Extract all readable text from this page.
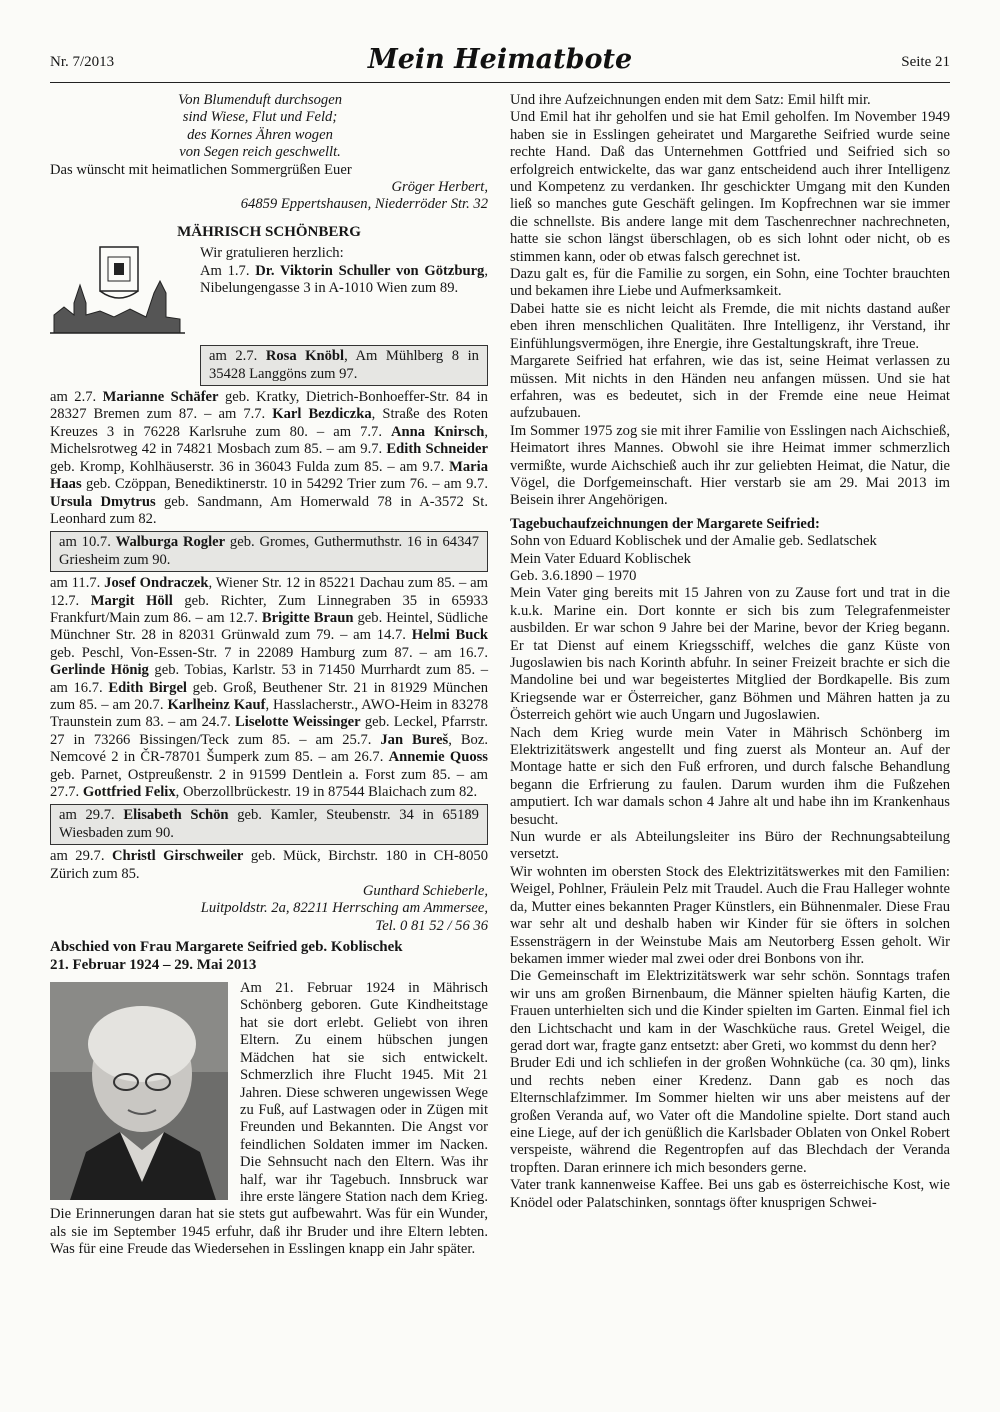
Nr. 7/2013	Mein Heimatbote	Seite 21
Von Blumenduft durchsogen
sind Wiese, Flut und Feld;
des Kornes Ähren wogen
von Segen reich geschwellt.

Das wünscht mit heimatlichen Sommergrüßen Euer

Gröger Herbert,

64859 Eppertshausen, Niederröder Str. 32

MÄHRISCH SCHÖNBERG
Wir gratulieren herzlich:
Am 1.7. Dr. Viktorin Schuller von Götzburg, Nibelungengasse 3 in A-1010 Wien zum 89.
am 2.7. Rosa Knöbl, Am Mühlberg 8 in 35428 Langgöns zum 97.

am 2.7. Marianne Schäfer geb. Kratky, Dietrich-Bonhoeffer-Str. 84 in 28327 Bremen zum 87. – am 7.7. Karl Bezdiczka, Straße des Roten Kreuzes 3 in 76228 Karlsruhe zum 80. – am 7.7. Anna Knirsch, Michelsrotweg 42 in 74821 Mosbach zum 85. – am 9.7. Edith Schneider geb. Kromp, Kohlhäuserstr. 36 in 36043 Fulda zum 85. – am 9.7. Maria Haas geb. Czöppan, Benediktinerstr. 10 in 54292 Trier zum 76. – am 9.7. Ursula Dmytrus geb. Sandmann, Am Homerwald 78 in A-3572 St. Leonhard zum 82.

am 10.7. Walburga Rogler geb. Gromes, Guthermuthstr. 16 in 64347 Griesheim zum 90.

am 11.7. Josef Ondraczek, Wiener Str. 12 in 85221 Dachau zum 85. – am 12.7. Margit Höll geb. Richter, Zum Linnegraben 35 in 65933 Frankfurt/Main zum 86. – am 12.7. Brigitte Braun geb. Heintel, Südliche Münchner Str. 28 in 82031 Grünwald zum 79. – am 14.7. Helmi Buck geb. Peschl, Von-Essen-Str. 7 in 22089 Hamburg zum 87. – am 16.7. Gerlinde Hönig geb. Tobias, Karlstr. 53 in 71450 Murrhardt zum 85. – am 16.7. Edith Birgel geb. Groß, Beuthener Str. 21 in 81929 München zum 85. – am 20.7. Karlheinz Kauf, Hasslacherstr., AWO-Heim in 83278 Traunstein zum 83. – am 24.7. Liselotte Weissinger geb. Leckel, Pfarrstr. 27 in 73266 Bissingen/Teck zum 85. – am 25.7. Jan Bureš, Boz. Nemcové 2 in ČR-78701 Šumperk zum 85. – am 26.7. Annemie Quoss geb. Parnet, Ostpreußenstr. 2 in 91599 Dentlein a. Forst zum 85. – am 27.7. Gottfried Felix, Oberzollbrückestr. 19 in 87544 Blaichach zum 82.

am 29.7. Elisabeth Schön geb. Kamler, Steubenstr. 34 in 65189 Wiesbaden zum 90.

am 29.7. Christl Girschweiler geb. Mück, Birchstr. 180 in CH-8050 Zürich zum 85.

Gunthard Schieberle,

Luitpoldstr. 2a, 82211 Herrsching am Ammersee,

Tel. 0 81 52 / 56 36

Abschied von Frau Margarete Seifried geb. Koblischek
21. Februar 1924 – 29. Mai 2013

Am 21. Februar 1924 in Mährisch Schönberg geboren. Gute Kindheitstage hat sie dort erlebt. Geliebt von ihren Eltern. Zu einem hübschen jungen Mädchen hat sie sich entwickelt. Schmerzlich ihre Flucht 1945. Mit 21 Jahren. Diese schweren ungewissen Wege zu Fuß, auf Lastwagen oder in Zügen mit Freunden und Bekannten. Die Angst vor feindlichen Soldaten immer im Nacken. Die Sehnsucht nach den Eltern. Was ihr half, war ihr Tagebuch. Innsbruck war ihre erste längere Station nach dem Krieg. Die Erinnerungen daran hat sie stets gut aufbewahrt. Was für ein Wunder, als sie im September 1945 erfuhr, daß ihr Bruder und ihre Eltern lebten. Was für eine Freude das Wiedersehen in Esslingen knapp ein Jahr später.

Und ihre Aufzeichnungen enden mit dem Satz: Emil hilft mir.

Und Emil hat ihr geholfen und sie hat Emil geholfen. Im November 1949 haben sie in Esslingen geheiratet und Margarethe Seifried wurde seine rechte Hand. Daß das Unternehmen Gottfried und Seifried sich so erfolgreich entwickelte, das war ganz entscheidend auch ihrer Intelligenz und Kompetenz zu verdanken. Ihr geschickter Umgang mit den Kunden ließ so manches gute Geschäft gelingen. Im Kopfrechnen war sie immer die schnellste. Bis andere lange mit dem Taschenrechner nachrechneten, hatte sie schon längst überschlagen, ob es sich lohnt oder nicht, ob es stimmen kann, oder ob etwas falsch gerechnet ist.

Dazu galt es, für die Familie zu sorgen, ein Sohn, eine Tochter brauchten und bekamen ihre Liebe und Aufmerksamkeit.

Dabei hatte sie es nicht leicht als Fremde, die mit nichts dastand außer eben ihren menschlichen Qualitäten. Ihre Intelligenz, ihr Verstand, ihr Einfühlungsvermögen, ihre Energie, ihre Gestaltungskraft, ihre Treue.

Margarete Seifried hat erfahren, wie das ist, seine Heimat verlassen zu müssen. Mit nichts in den Händen neu anfangen müssen. Und sie hat erfahren, was es bedeutet, sich in der Fremde eine neue Heimat aufzubauen.

Im Sommer 1975 zog sie mit ihrer Familie von Esslingen nach Aichschieß, Heimatort ihres Mannes. Obwohl sie ihre Heimat immer schmerzlich vermißte, wurde Aichschieß auch ihr zur geliebten Heimat, die Natur, die Vögel, die Dorfgemeinschaft. Hier verstarb sie am 29. Mai 2013 im Beisein ihrer Angehörigen.

Tagebuchaufzeichnungen der Margarete Seifried:

Sohn von Eduard Koblischek und der Amalie geb. Sedlatschek

Mein Vater Eduard Koblischek

Geb. 3.6.1890 – 1970

Mein Vater ging bereits mit 15 Jahren von zu Zause fort und trat in die k.u.k. Marine ein. Dort konnte er sich bis zum Telegrafenmeister ausbilden. Er war schon 9 Jahre bei der Marine, bevor der Krieg begann. Er tat Dienst auf einem Kriegsschiff, welches die ganz Küste von Jugoslawien bis nach Korinth abfuhr. In seiner Freizeit brachte er sich die Mandoline bei und war begeistertes Mitglied der Bordkapelle. Bis zum Kriegsende war er Österreicher, ganz Böhmen und Mähren hatten ja zu Österreich gehört wie auch Ungarn und Jugoslawien.

Nach dem Krieg wurde mein Vater in Mährisch Schönberg im Elektrizitätswerk angestellt und fing zuerst als Monteur an. Auf der Montage hatte er sich den Fuß erfroren, und durch falsche Behandlung begann die Erfrierung zu faulen. Darum wurden ihm die Fußzehen amputiert. Ich war damals schon 4 Jahre alt und habe ihn im Krankenhaus besucht.

Nun wurde er als Abteilungsleiter ins Büro der Rechnungsabteilung versetzt.

Wir wohnten im obersten Stock des Elektrizitätswerkes mit den Familien: Weigel, Pohlner, Fräulein Pelz mit Traudel. Auch die Frau Halleger wohnte da, Mutter eines bekannten Prager Künstlers, ein Bühnenmaler. Diese Frau war sehr alt und deshalb haben wir Kinder für sie öfters in solchen Essensträgern in der Weinstube Mais am Neutorberg Essen geholt. Wir bekamen immer wieder mal zwei oder drei Bonbons von ihr.

Die Gemeinschaft im Elektrizitätswerk war sehr schön. Sonntags trafen wir uns am großen Birnenbaum, die Männer spielten häufig Karten, die Frauen unterhielten sich und die Kinder spielten im Garten. Einmal fiel ich den Lichtschacht und kam in der Waschküche raus. Gretel Weigel, die gerad dort war, fragte ganz entsetzt: aber Greti, wo kommst du denn her?

Bruder Edi und ich schliefen in der großen Wohnküche (ca. 30 qm), links und rechts neben einer Kredenz. Dann gab es noch das Elternschlafzimmer. Im Sommer hielten wir uns aber meistens auf der großen Veranda auf, wo Vater oft die Mandoline spielte. Dort stand auch eine Liege, auf der ich genüßlich die Karlsbader Oblaten von Onkel Robert verspeiste, während die Regentropfen auf das Blechdach der Veranda tropften. Daran erinnere ich mich besonders gerne.

Vater trank kannenweise Kaffee. Bei uns gab es österreichische Kost, wie Knödel oder Palatschinken, sonntags öfter knusprigen Schwei-
